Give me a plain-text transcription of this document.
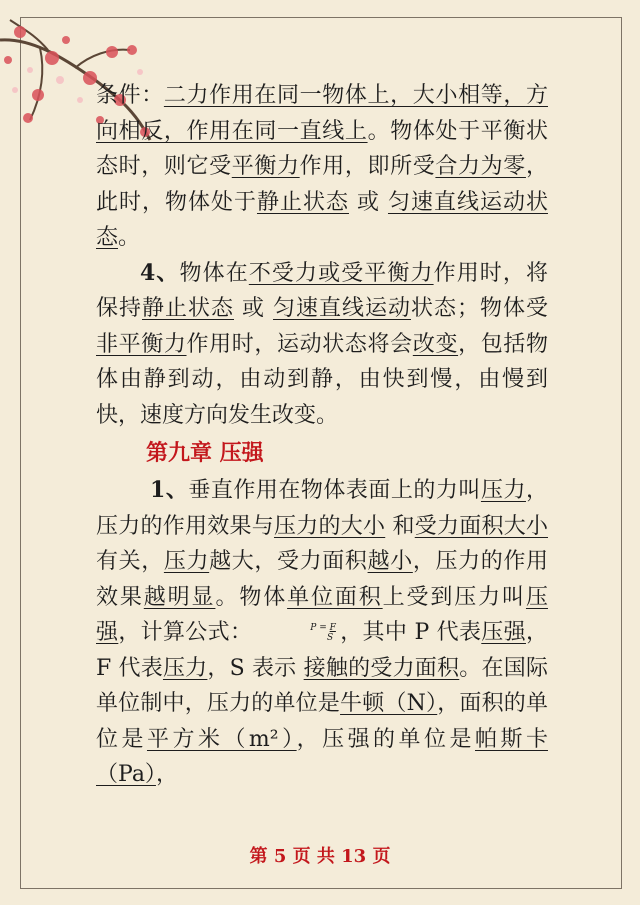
条件：二力作用在同一物体上，大小相等，方向相反，作用在同一直线上。物体处于平衡状态时，则它受平衡力作用，即所受合力为零，此时，物体处于静止状态 或 匀速直线运动状态。

4、物体在不受力或受平衡力作用时，将保持静止状态 或 匀速直线运动状态；物体受非平衡力作用时，运动状态将会改变，包括物体由静到动，由动到静，由快到慢，由慢到快，速度方向发生改变。

第九章 压强

1、垂直作用在物体表面上的力叫压力，压力的作用效果与压力的大小 和受力面积大小 有关，压力越大，受力面积越小，压力的作用效果越明显。物体单位面积上受到压力叫压强，计算公式：	P = F
S ，其中 P 代表压强，F 代表压力，S 表示 接触的受力面积。在国际单位制中，压力的单位是牛顿（N），面积的单位是平方米（m²），压强的单位是帕斯卡（Pa），

第 5 页 共 13 页
